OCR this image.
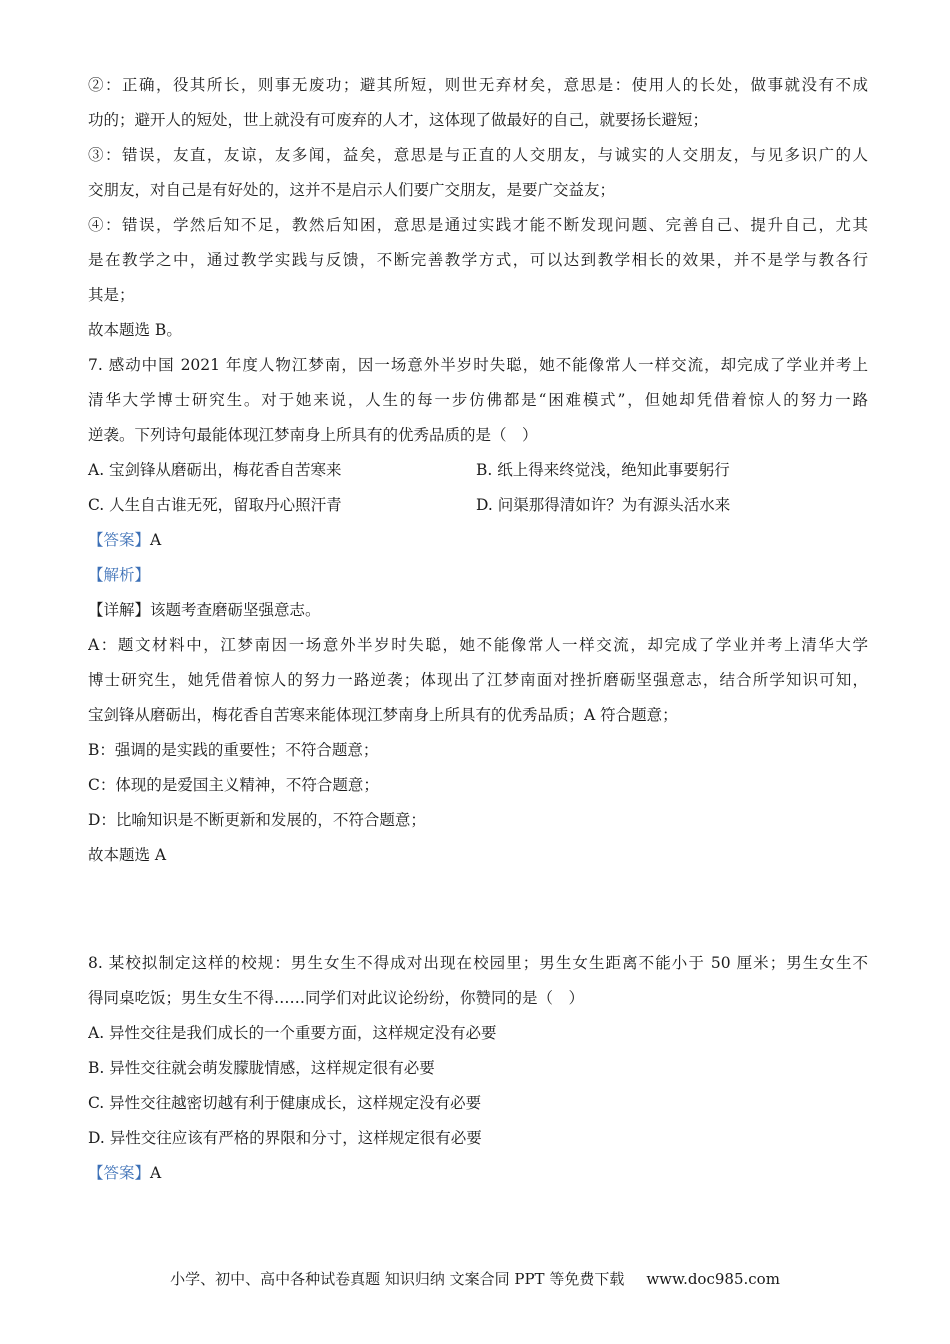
②：正确，役其所长，则事无废功；避其所短，则世无弃材矣，意思是：使用人的长处，做事就没有不成
功的；避开人的短处，世上就没有可废弃的人才，这体现了做最好的自己，就要扬长避短；
③：错误，友直，友谅，友多闻，益矣，意思是与正直的人交朋友，与诚实的人交朋友，与见多识广的人
交朋友，对自己是有好处的，这并不是启示人们要广交朋友，是要广交益友；
④：错误，学然后知不足，教然后知困，意思是通过实践才能不断发现问题、完善自己、提升自己，尤其
是在教学之中，通过教学实践与反馈，不断完善教学方式，可以达到教学相长的效果，并不是学与教各行
其是；
故本题选 B。
7. 感动中国 2021 年度人物江梦南，因一场意外半岁时失聪，她不能像常人一样交流，却完成了学业并考上
清华大学博士研究生。对于她来说，人生的每一步仿佛都是“困难模式”，但她却凭借着惊人的努力一路
逆袭。下列诗句最能体现江梦南身上所具有的优秀品质的是（　）
A. 宝剑锋从磨砺出，梅花香自苦寒来	B. 纸上得来终觉浅，绝知此事要躬行
C. 人生自古谁无死，留取丹心照汗青	D. 问渠那得清如许？为有源头活水来
【答案】A
【解析】
【详解】该题考查磨砺坚强意志。
A：题文材料中，江梦南因一场意外半岁时失聪，她不能像常人一样交流，却完成了学业并考上清华大学
博士研究生，她凭借着惊人的努力一路逆袭；体现出了江梦南面对挫折磨砺坚强意志，结合所学知识可知，
宝剑锋从磨砺出，梅花香自苦寒来能体现江梦南身上所具有的优秀品质；A 符合题意；
B：强调的是实践的重要性；不符合题意；
C：体现的是爱国主义精神，不符合题意；
D：比喻知识是不断更新和发展的，不符合题意；
故本题选 A
8. 某校拟制定这样的校规：男生女生不得成对出现在校园里；男生女生距离不能小于 50 厘米；男生女生不
得同桌吃饭；男生女生不得……同学们对此议论纷纷，你赞同的是（　）
A. 异性交往是我们成长的一个重要方面，这样规定没有必要
B. 异性交往就会萌发朦胧情感，这样规定很有必要
C. 异性交往越密切越有利于健康成长，这样规定没有必要
D. 异性交往应该有严格的界限和分寸，这样规定很有必要
【答案】A
小学、初中、高中各种试卷真题 知识归纳 文案合同 PPT 等免费下载 www.doc985.com
